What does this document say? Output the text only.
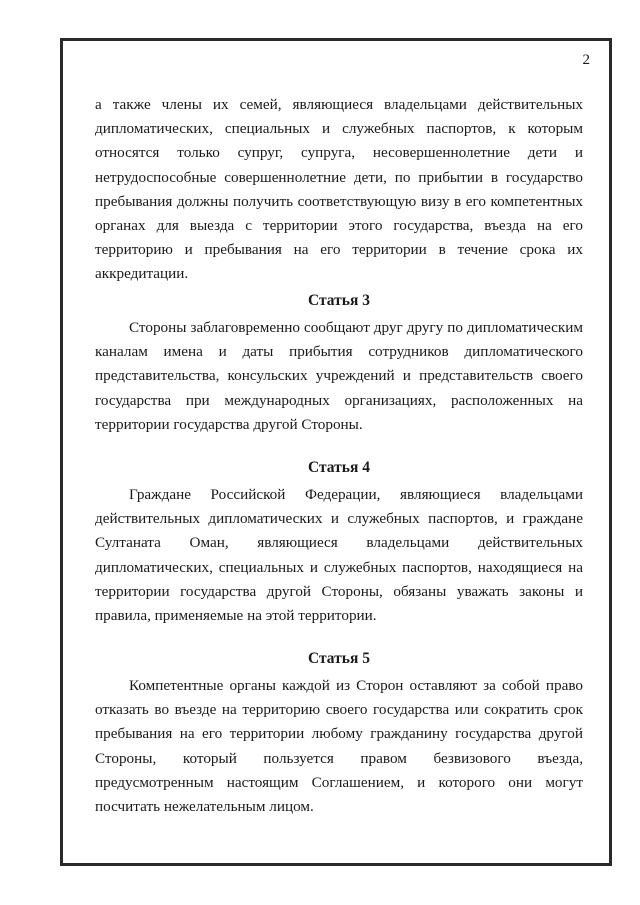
2

а также члены их семей, являющиеся владельцами действительных дипломатических, специальных и служебных паспортов, к которым относятся только супруг, супруга, несовершеннолетние дети и нетрудоспособные совершеннолетние дети, по прибытии в государство пребывания должны получить соответствующую визу в его компетентных органах для выезда с территории этого государства, въезда на его территорию и пребывания на его территории в течение срока их аккредитации.

Статья 3

Стороны заблаговременно сообщают друг другу по дипломатическим каналам имена и даты прибытия сотрудников дипломатического представительства, консульских учреждений и представительств своего государства при международных организациях, расположенных на территории государства другой Стороны.

Статья 4

Граждане Российской Федерации, являющиеся владельцами действительных дипломатических и служебных паспортов, и граждане Султаната Оман, являющиеся владельцами действительных дипломатических, специальных и служебных паспортов, находящиеся на территории государства другой Стороны, обязаны уважать законы и правила, применяемые на этой территории.

Статья 5

Компетентные органы каждой из Сторон оставляют за собой право отказать во въезде на территорию своего государства или сократить срок пребывания на его территории любому гражданину государства другой Стороны, который пользуется правом безвизового въезда, предусмотренным настоящим Соглашением, и которого они могут посчитать нежелательным лицом.
